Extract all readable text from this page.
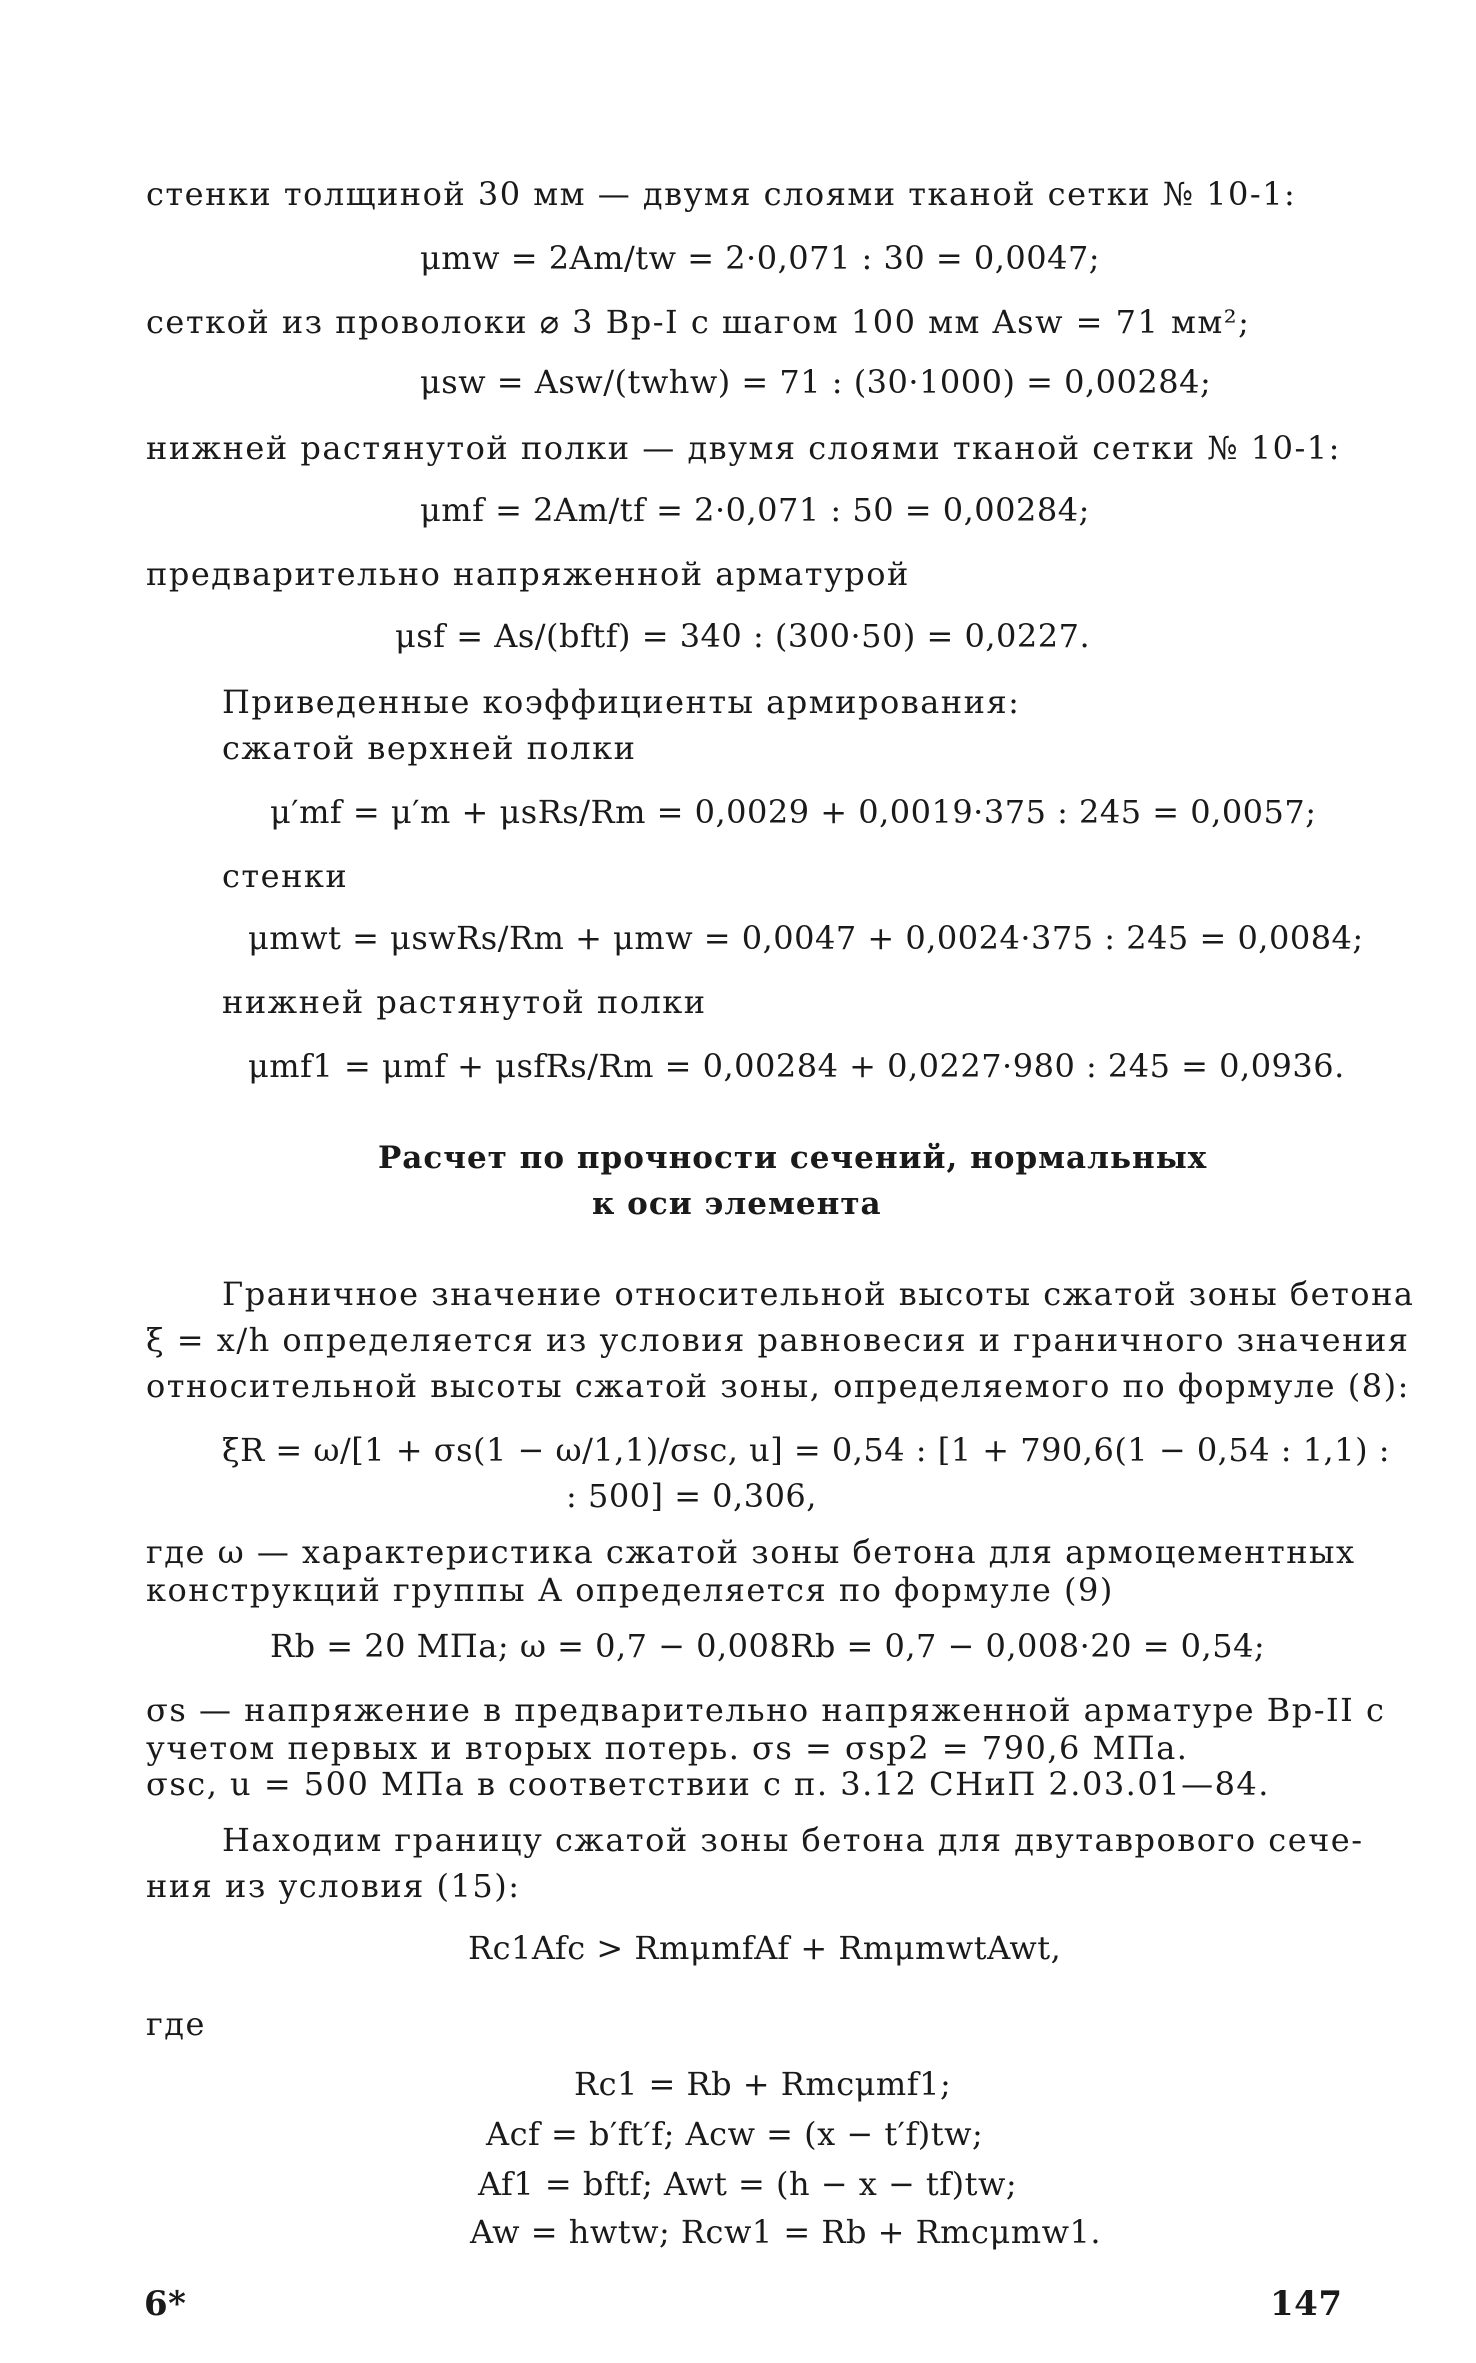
стенки толщиной 30 мм — двумя слоями тканой сетки № 10-1:
μmw = 2Am/tw = 2·0,071 : 30 = 0,0047;
сеткой из проволоки ⌀ 3 Вр-I с шагом 100 мм Asw = 71 мм²;
μsw = Asw/(twhw) = 71 : (30·1000) = 0,00284;
нижней растянутой полки — двумя слоями тканой сетки № 10-1:
μmf = 2Am/tf = 2·0,071 : 50 = 0,00284;
предварительно напряженной арматурой
μsf = As/(bftf) = 340 : (300·50) = 0,0227.
Приведенные коэффициенты армирования:
сжатой верхней полки
μ′mf = μ′m + μsRs/Rm = 0,0029 + 0,0019·375 : 245 = 0,0057;
стенки
μmwt = μswRs/Rm + μmw = 0,0047 + 0,0024·375 : 245 = 0,0084;
нижней растянутой полки
μmf1 = μmf + μsfRs/Rm = 0,00284 + 0,0227·980 : 245 = 0,0936.
Расчет по прочности сечений, нормальных
к оси элемента
Граничное значение относительной высоты сжатой зоны бетона
ξ = x/h определяется из условия равновесия и граничного значения
относительной высоты сжатой зоны, определяемого по формуле (8):
ξR = ω/[1 + σs(1 − ω/1,1)/σsc, u] = 0,54 : [1 + 790,6(1 − 0,54 : 1,1) :
: 500] = 0,306,
где ω — характеристика сжатой зоны бетона для армоцементных
конструкций группы А определяется по формуле (9)
Rb = 20 МПа; ω = 0,7 − 0,008Rb = 0,7 − 0,008·20 = 0,54;
σs — напряжение в предварительно напряженной арматуре Вр-II с
учетом первых и вторых потерь. σs = σsp2 = 790,6 МПа.
σsc, u = 500 МПа в соответствии с п. 3.12 СНиП 2.03.01—84.
Находим границу сжатой зоны бетона для двутаврового сече-
ния из условия (15):
Rc1Afc > RmμmfAf + RmμmwtAwt,
где
Rc1 = Rb + Rmcμmf1;
Acf = b′ft′f; Acw = (x − t′f)tw;
Af1 = bftf; Awt = (h − x − tf)tw;
Aw = hwtw; Rcw1 = Rb + Rmcμmw1.
6*	147
